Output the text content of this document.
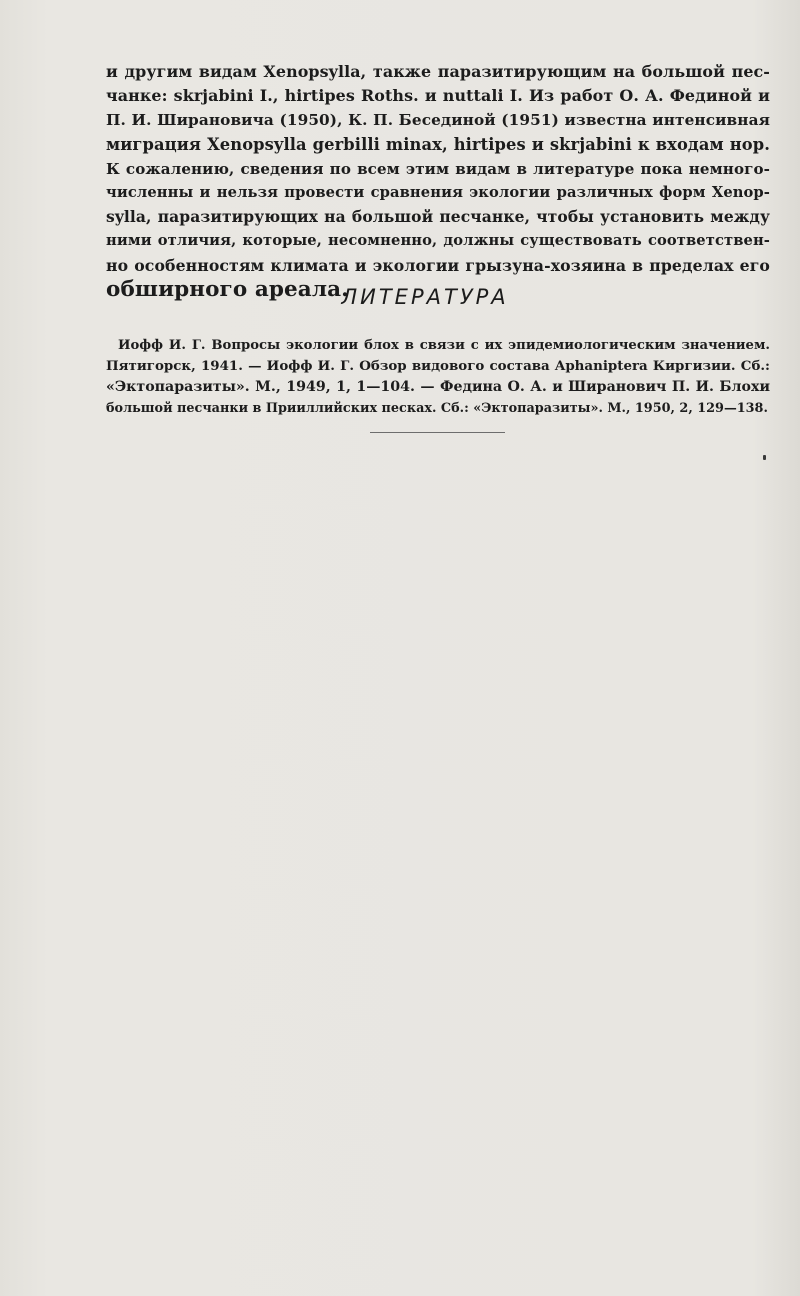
и другим видам Xenopsylla, также паразитирующим на большой пес-
чанке: skrjabini I., hirtipes Roths. и nuttali I. Из работ О. А. Фединой и
П. И. Ширановича (1950), К. П. Бесединой (1951) известна интенсивная
миграция Xenopsylla gerbilli minax, hirtipes и skrjabini к входам нор.
К сожалению, сведения по всем этим видам в литературе пока немного-
численны и нельзя провести сравнения экологии различных форм Xenop-
sylla, паразитирующих на большой песчанке, чтобы установить между
ними отличия, которые, несомненно, должны существовать соответствен-
но особенностям климата и экологии грызуна-хозяина в пределах его
обширного ареала.
ЛИТЕРАТУРА
Иофф И. Г. Вопросы экологии блох в связи с их эпидемиологическим значением.
Пятигорск, 1941. — Иофф И. Г. Обзор видового состава Aphaniptera Киргизии. Сб.:
«Эктопаразиты». М., 1949, 1, 1—104. — Федина О. А. и Ширанович П. И. Блохи
большой песчанки в Прииллийских песках. Сб.: «Эктопаразиты». М., 1950, 2, 129—138.
